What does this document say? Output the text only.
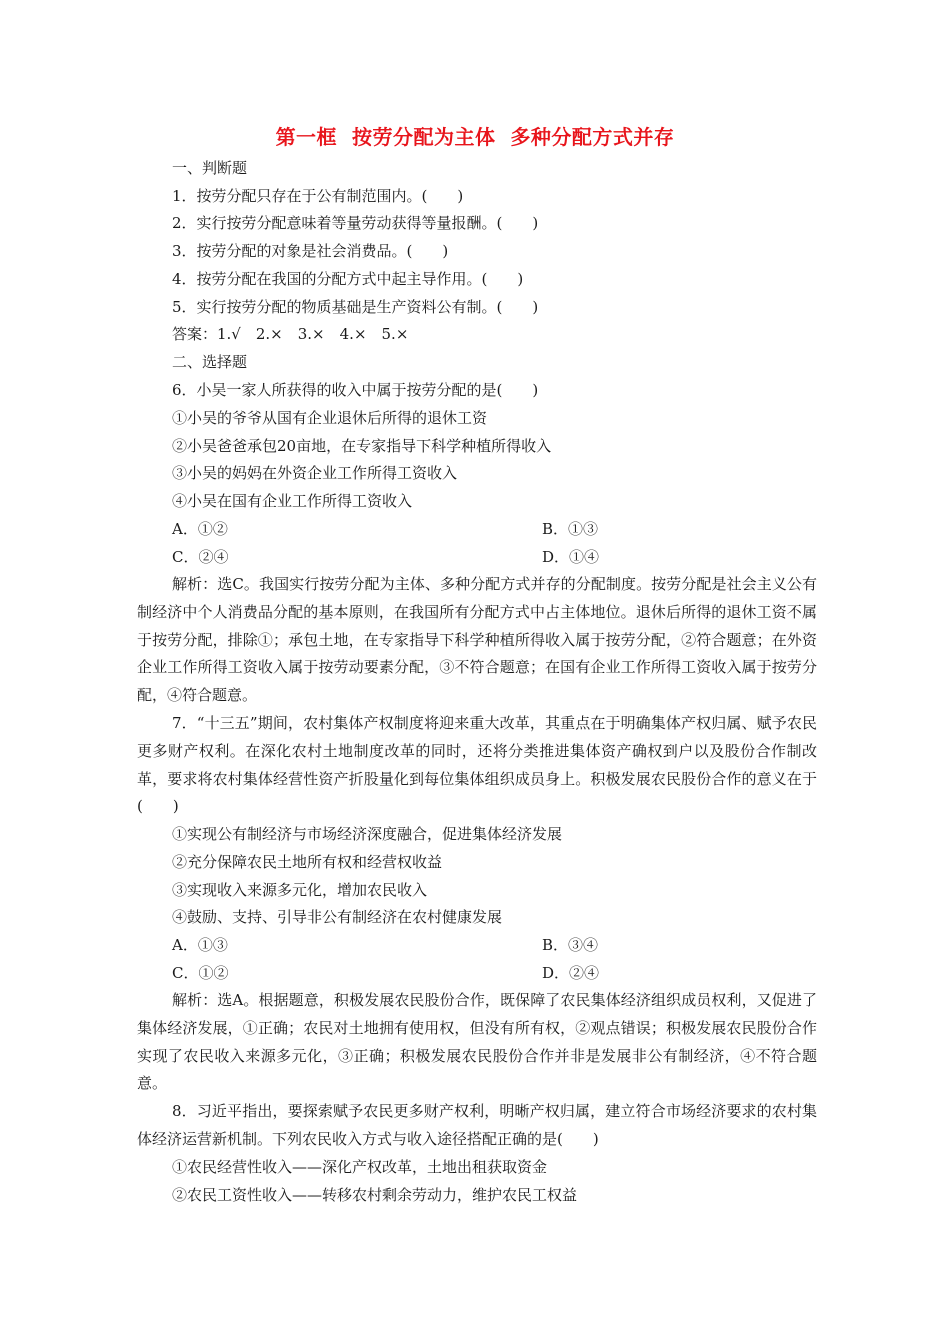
第一框  按劳分配为主体  多种分配方式并存
一、判断题
1．按劳分配只存在于公有制范围内。(　　)
2．实行按劳分配意味着等量劳动获得等量报酬。(　　)
3．按劳分配的对象是社会消费品。(　　)
4．按劳分配在我国的分配方式中起主导作用。(　　)
5．实行按劳分配的物质基础是生产资料公有制。(　　)
答案：1.√　2.×　3.×　4.×　5.×
二、选择题
6．小吴一家人所获得的收入中属于按劳分配的是(　　)
①小吴的爷爷从国有企业退休后所得的退休工资
②小吴爸爸承包20亩地，在专家指导下科学种植所得收入
③小吴的妈妈在外资企业工作所得工资收入
④小吴在国有企业工作所得工资收入
A．①②	B．①③
C．②④	D．①④

解析：选C。我国实行按劳分配为主体、多种分配方式并存的分配制度。按劳分配是社会主义公有制经济中个人消费品分配的基本原则，在我国所有分配方式中占主体地位。退休后所得的退休工资不属于按劳分配，排除①；承包土地，在专家指导下科学种植所得收入属于按劳分配，②符合题意；在外资企业工作所得工资收入属于按劳动要素分配，③不符合题意；在国有企业工作所得工资收入属于按劳分配，④符合题意。

7．“十三五”期间，农村集体产权制度将迎来重大改革，其重点在于明确集体产权归属、赋予农民更多财产权利。在深化农村土地制度改革的同时，还将分类推进集体资产确权到户以及股份合作制改革，要求将农村集体经营性资产折股量化到每位集体组织成员身上。积极发展农民股份合作的意义在于(　　)

①实现公有制经济与市场经济深度融合，促进集体经济发展
②充分保障农民土地所有权和经营权收益
③实现收入来源多元化，增加农民收入
④鼓励、支持、引导非公有制经济在农村健康发展
A．①③	B．③④
C．①②	D．②④

解析：选A。根据题意，积极发展农民股份合作，既保障了农民集体经济组织成员权利，又促进了集体经济发展，①正确；农民对土地拥有使用权，但没有所有权，②观点错误；积极发展农民股份合作实现了农民收入来源多元化，③正确；积极发展农民股份合作并非是发展非公有制经济，④不符合题意。

8．习近平指出，要探索赋予农民更多财产权利，明晰产权归属，建立符合市场经济要求的农村集体经济运营新机制。下列农民收入方式与收入途径搭配正确的是(　　)

①农民经营性收入——深化产权改革，土地出租获取资金
②农民工资性收入——转移农村剩余劳动力，维护农民工权益
